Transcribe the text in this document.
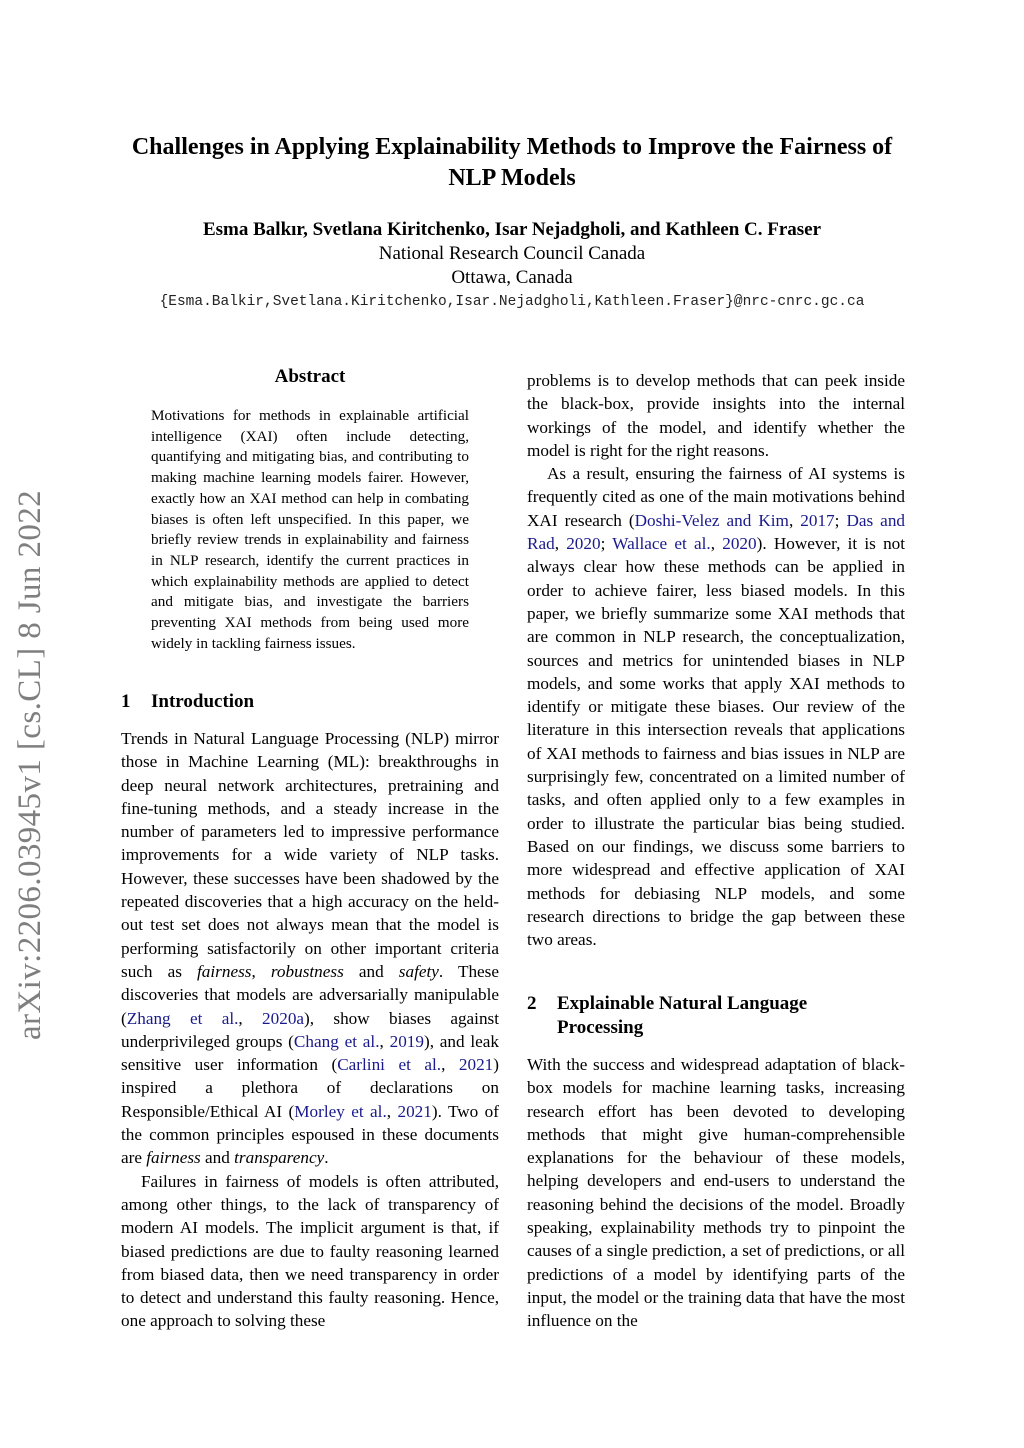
arXiv:2206.03945v1 [cs.CL] 8 Jun 2022
Challenges in Applying Explainability Methods to Improve the Fairness of
NLP Models
Esma Balkır, Svetlana Kiritchenko, Isar Nejadgholi, and Kathleen C. Fraser
National Research Council Canada
Ottawa, Canada
{Esma.Balkir,Svetlana.Kiritchenko,Isar.Nejadgholi,Kathleen.Fraser}@nrc-cnrc.gc.ca
Abstract
Motivations for methods in explainable artificial intelligence (XAI) often include detecting, quantifying and mitigating bias, and contributing to making machine learning models fairer. However, exactly how an XAI method can help in combating biases is often left unspecified. In this paper, we briefly review trends in explainability and fairness in NLP research, identify the current practices in which explainability methods are applied to detect and mitigate bias, and investigate the barriers preventing XAI methods from being used more widely in tackling fairness issues.
1 Introduction

Trends in Natural Language Processing (NLP) mirror those in Machine Learning (ML): breakthroughs in deep neural network architectures, pretraining and fine-tuning methods, and a steady increase in the number of parameters led to impressive performance improvements for a wide variety of NLP tasks. However, these successes have been shadowed by the repeated discoveries that a high accuracy on the held-out test set does not always mean that the model is performing satisfactorily on other important criteria such as fairness, robustness and safety. These discoveries that models are adversarially manipulable (Zhang et al., 2020a), show biases against underprivileged groups (Chang et al., 2019), and leak sensitive user information (Carlini et al., 2021) inspired a plethora of declarations on Responsible/Ethical AI (Morley et al., 2021). Two of the common principles espoused in these documents are fairness and transparency.

Failures in fairness of models is often attributed, among other things, to the lack of transparency of modern AI models. The implicit argument is that, if biased predictions are due to faulty reasoning learned from biased data, then we need transparency in order to detect and understand this faulty reasoning. Hence, one approach to solving these

problems is to develop methods that can peek inside the black-box, provide insights into the internal workings of the model, and identify whether the model is right for the right reasons.

As a result, ensuring the fairness of AI systems is frequently cited as one of the main motivations behind XAI research (Doshi-Velez and Kim, 2017; Das and Rad, 2020; Wallace et al., 2020). However, it is not always clear how these methods can be applied in order to achieve fairer, less biased models. In this paper, we briefly summarize some XAI methods that are common in NLP research, the conceptualization, sources and metrics for unintended biases in NLP models, and some works that apply XAI methods to identify or mitigate these biases. Our review of the literature in this intersection reveals that applications of XAI methods to fairness and bias issues in NLP are surprisingly few, concentrated on a limited number of tasks, and often applied only to a few examples in order to illustrate the particular bias being studied. Based on our findings, we discuss some barriers to more widespread and effective application of XAI methods for debiasing NLP models, and some research directions to bridge the gap between these two areas.

2 Explainable Natural Language
Processing

With the success and widespread adaptation of black-box models for machine learning tasks, increasing research effort has been devoted to developing methods that might give human-comprehensible explanations for the behaviour of these models, helping developers and end-users to understand the reasoning behind the decisions of the model. Broadly speaking, explainability methods try to pinpoint the causes of a single prediction, a set of predictions, or all predictions of a model by identifying parts of the input, the model or the training data that have the most influence on the
